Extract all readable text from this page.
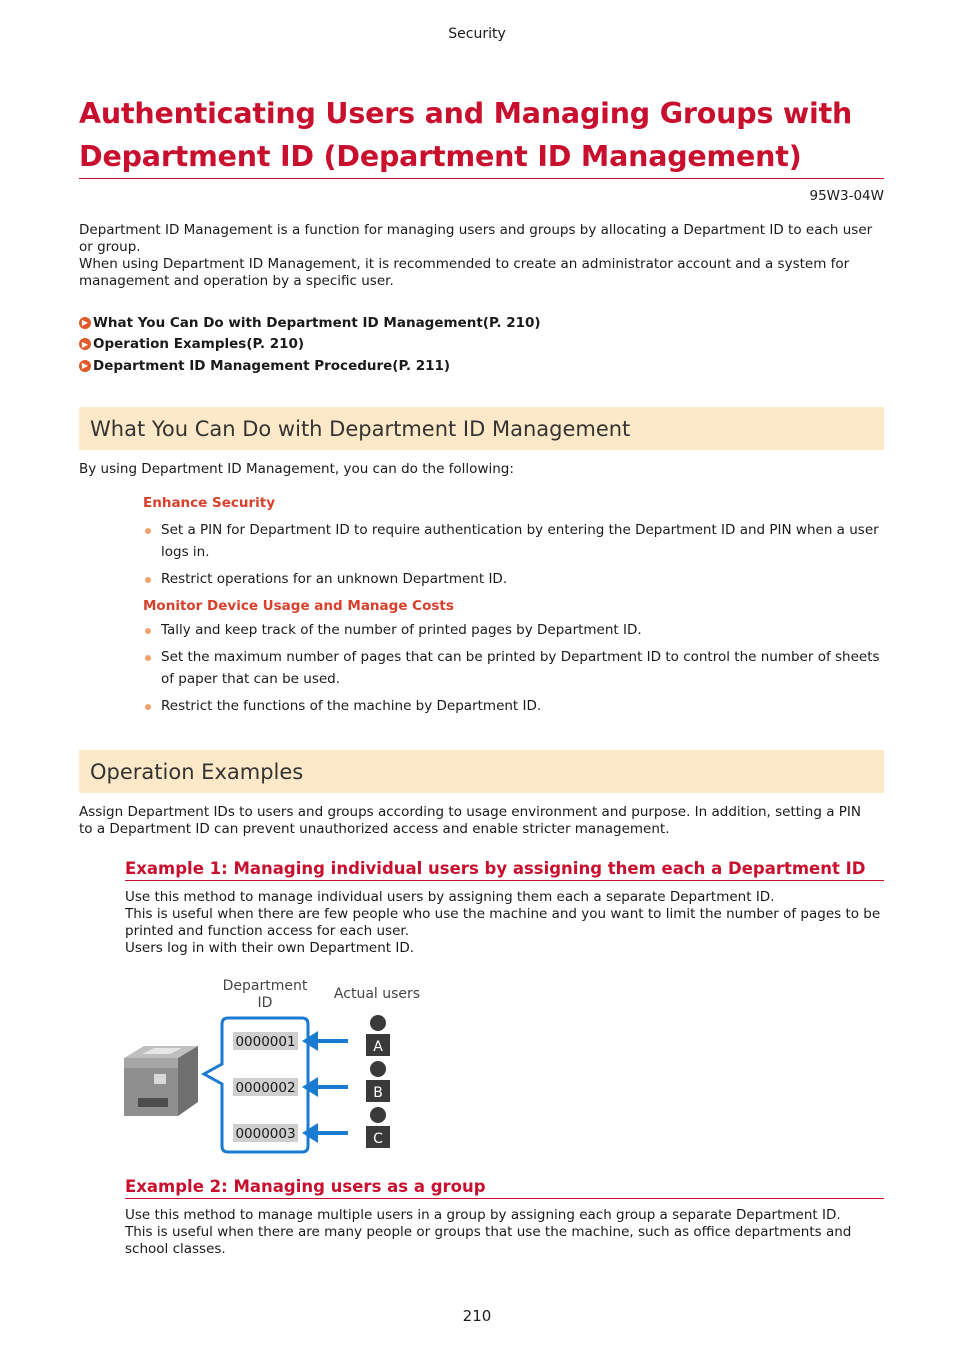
Security
Authenticating Users and Managing Groups with
Department ID (Department ID Management)
95W3-04W

Department ID Management is a function for managing users and groups by allocating a Department ID to each user
or group.
When using Department ID Management, it is recommended to create an administrator account and a system for
management and operation by a specific user.

▶ What You Can Do with Department ID Management(P. 210)
▶ Operation Examples(P. 210)
▶ Department ID Management Procedure(P. 211)
What You Can Do with Department ID Management

By using Department ID Management, you can do the following:

Enhance Security
Set a PIN for Department ID to require authentication by entering the Department ID and PIN when a user
logs in.
Restrict operations for an unknown Department ID.
Monitor Device Usage and Manage Costs
Tally and keep track of the number of printed pages by Department ID.
Set the maximum number of pages that can be printed by Department ID to control the number of sheets
of paper that can be used.
Restrict the functions of the machine by Department ID.
Operation Examples

Assign Department IDs to users and groups according to usage environment and purpose. In addition, setting a PIN
to a Department ID can prevent unauthorized access and enable stricter management.

Example 1: Managing individual users by assigning them each a Department ID

Use this method to manage individual users by assigning them each a separate Department ID.
This is useful when there are few people who use the machine and you want to limit the number of pages to be
printed and function access for each user.
Users log in with their own Department ID.

Department
ID
Actual users
0000001
0000002
0000003
A
B
C
Example 2: Managing users as a group

Use this method to manage multiple users in a group by assigning each group a separate Department ID.
This is useful when there are many people or groups that use the machine, such as office departments and
school classes.

210
